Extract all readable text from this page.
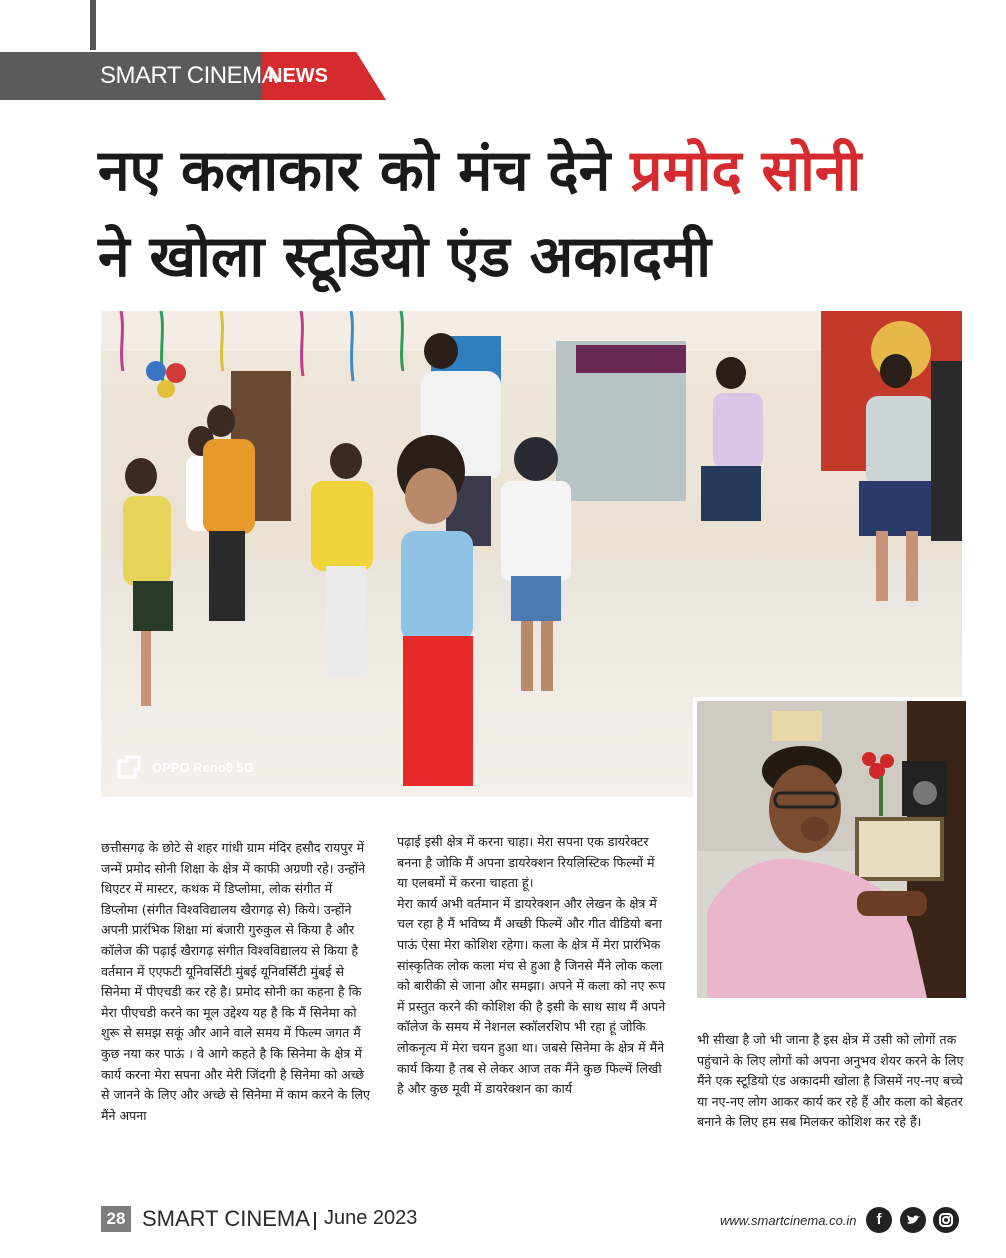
SMART CINEMA
NEWS
नए कलाकार को मंच देने प्रमोद सोनी
ने खोला स्टूडियो एंड अकादमी
OPPO Reno8 5G

छत्तीसगढ़ के छोटे से शहर गांधी ग्राम मंदिर हसौद रायपुर में जन्में प्रमोद सोनी शिक्षा के क्षेत्र में काफी अग्रणी रहे। उन्होंने थिएटर में मास्टर, कथक में डिप्लोमा, लोक संगीत में डिप्लोमा (संगीत विश्वविद्यालय खैरागढ़ से) किये। उन्होंने अपनी प्रारंभिक शिक्षा मां बंजारी गुरुकुल से किया है और कॉलेज की पढ़ाई खैरागढ़ संगीत विश्वविद्यालय से किया है वर्तमान में एएफटी यूनिवर्सिटी मुंबई यूनिवर्सिटी मुंबई से सिनेमा में पीएचडी कर रहे है। प्रमोद सोनी का कहना है कि मेरा पीएचडी करने का मूल उद्देश्य यह है कि मैं सिनेमा को शुरू से समझ सकूं और आने वाले समय में फिल्म जगत मैं कुछ नया कर पाऊं । वे आगे कहते है कि सिनेमा के क्षेत्र में कार्य करना मेरा सपना और मेरी जिंदगी है सिनेमा को अच्छे से जानने के लिए और अच्छे से सिनेमा में काम करने के लिए मैंने अपना

पढ़ाई इसी क्षेत्र में करना चाहा। मेरा सपना एक डायरेक्टर बनना है जोकि मैं अपना डायरेक्शन रियलिस्टिक फिल्मों में या एलबमों में करना चाहता हूं।

मेरा कार्य अभी वर्तमान में डायरेक्शन और लेखन के क्षेत्र में चल रहा है मैं भविष्य मैं अच्छी फिल्में और गीत वीडियो बना पाऊं ऐसा मेरा कोशिश रहेगा। कला के क्षेत्र में मेरा प्रारंभिक सांस्कृतिक लोक कला मंच से हुआ है जिनसे मैंने लोक कला को बारीकी से जाना और समझा। अपने में कला को नए रूप में प्रस्तुत करने की कोशिश की है इसी के साथ साथ मैं अपने कॉलेज के समय में नेशनल स्कॉलरशिप भी रहा हूं जोकि लोकनृत्य में मेरा चयन हुआ था। जबसे सिनेमा के क्षेत्र में मैंने कार्य किया है तब से लेकर आज तक मैंने कुछ फिल्में लिखी है और कुछ मूवी में डायरेक्शन का कार्य

भी सीखा है जो भी जाना है इस क्षेत्र में उसी को लोगों तक पहुंचाने के लिए लोगों को अपना अनुभव शेयर करने के लिए मैंने एक स्टूडियो एंड अकादमी खोला है जिसमें नए-नए बच्चे या नए-नए लोग आकर कार्य कर रहे हैं और कला को बेहतर बनाने के लिए हम सब मिलकर कोशिश कर रहे हैं।

28 SMART CINEMA June 2023	www.smartcinema.co.in	f
